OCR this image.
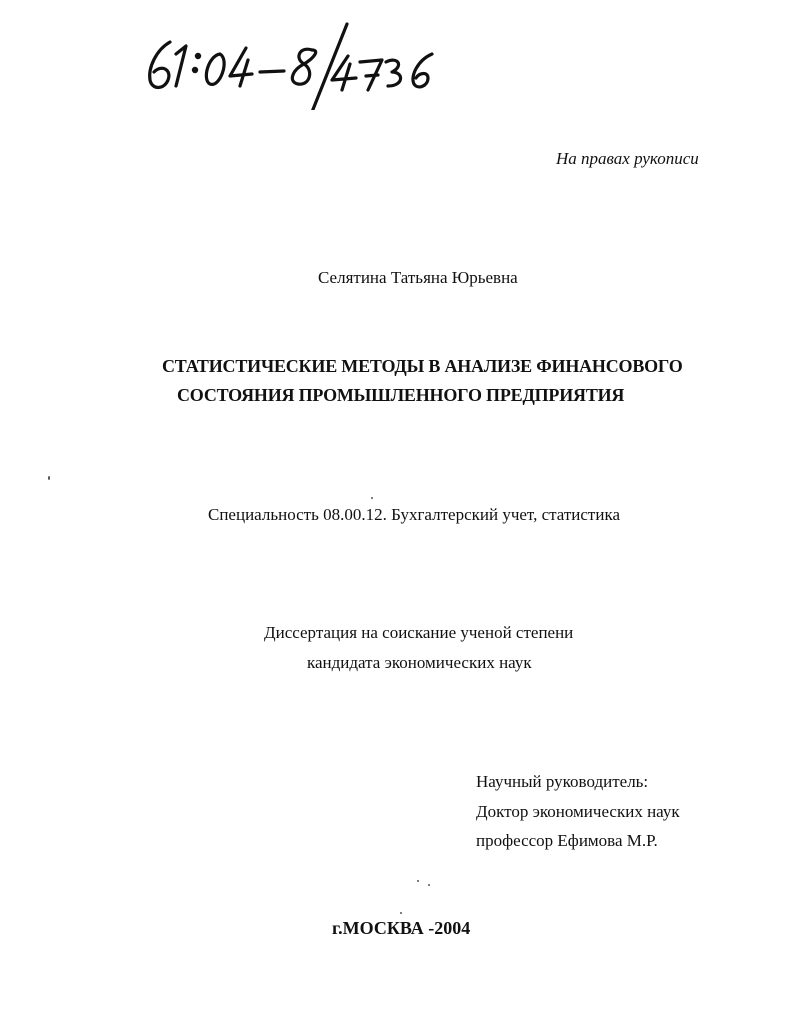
На правах рукописи
Селятина Татьяна Юрьевна
СТАТИСТИЧЕСКИЕ МЕТОДЫ В АНАЛИЗЕ ФИНАНСОВОГО
СОСТОЯНИЯ ПРОМЫШЛЕННОГО ПРЕДПРИЯТИЯ
Специальность 08.00.12. Бухгалтерский учет, статистика
Диссертация на соискание ученой степени
кандидата экономических наук
Научный руководитель:
Доктор экономических наук
профессор Ефимова М.Р.
г.МОСКВА -2004
